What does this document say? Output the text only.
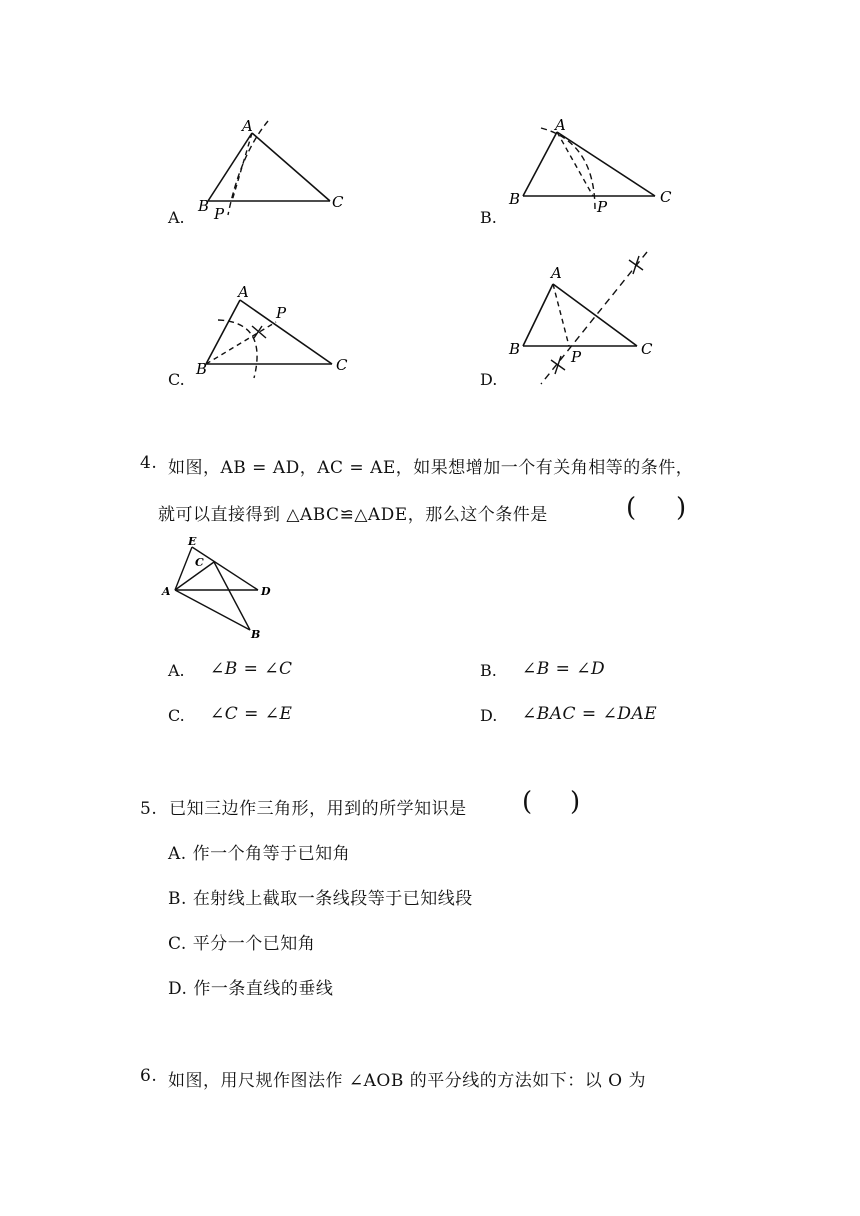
A.
A
B P
C
B.
A
B	P
C
C.
A
B
P
C
D.
A
B	P	C
4. 如图，AB = AD，AC = AE，如果想增加一个有关角相等的条件，
就可以直接得到 △ABC≌△ADE，那么这个条件是	( )
E
C
A	D
B
A. ∠B = ∠C	B. ∠B = ∠D
C. ∠C = ∠E	D. ∠BAC = ∠DAE
5. 已知三边作三角形，用到的所学知识是 ( )
A. 作一个角等于已知角
B. 在射线上截取一条线段等于已知线段
C. 平分一个已知角
D. 作一条直线的垂线
6. 如图，用尺规作图法作 ∠AOB 的平分线的方法如下：以 O 为
